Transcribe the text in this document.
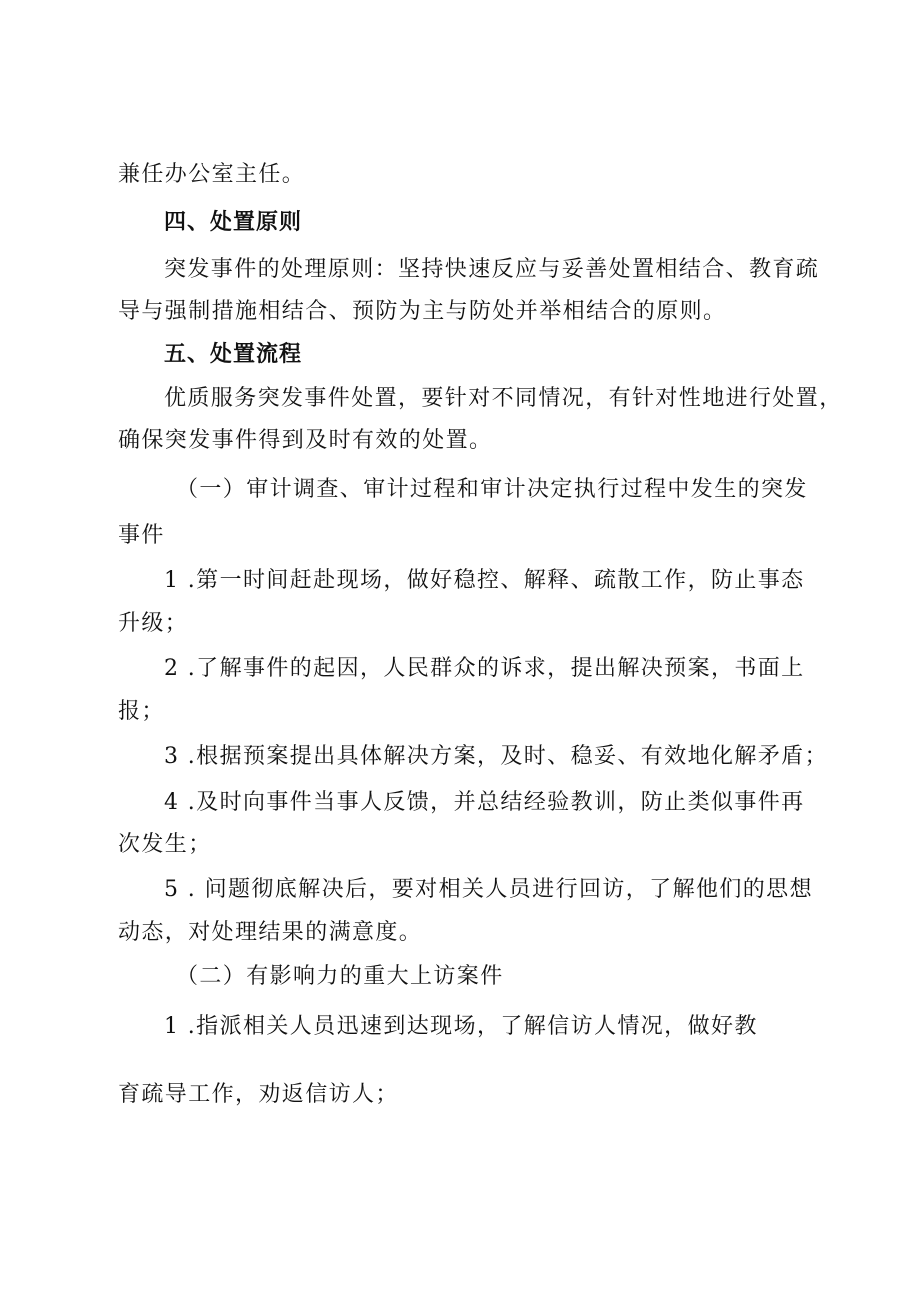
兼任办公室主任。
四、处置原则
突发事件的处理原则：坚持快速反应与妥善处置相结合、教育疏
导与强制措施相结合、预防为主与防处并举相结合的原则。
五、处置流程
优质服务突发事件处置，要针对不同情况，有针对性地进行处置，
确保突发事件得到及时有效的处置。
（一）审计调查、审计过程和审计决定执行过程中发生的突发
事件
1 .第一时间赶赴现场，做好稳控、解释、疏散工作，防止事态
升级；
2 .了解事件的起因，人民群众的诉求，提出解决预案，书面上
报；
3 .根据预案提出具体解决方案，及时、稳妥、有效地化解矛盾；
4 .及时向事件当事人反馈，并总结经验教训，防止类似事件再
次发生；
5 . 问题彻底解决后，要对相关人员进行回访，了解他们的思想
动态，对处理结果的满意度。
（二）有影响力的重大上访案件
1 .指派相关人员迅速到达现场，了解信访人情况，做好教
育疏导工作，劝返信访人；
